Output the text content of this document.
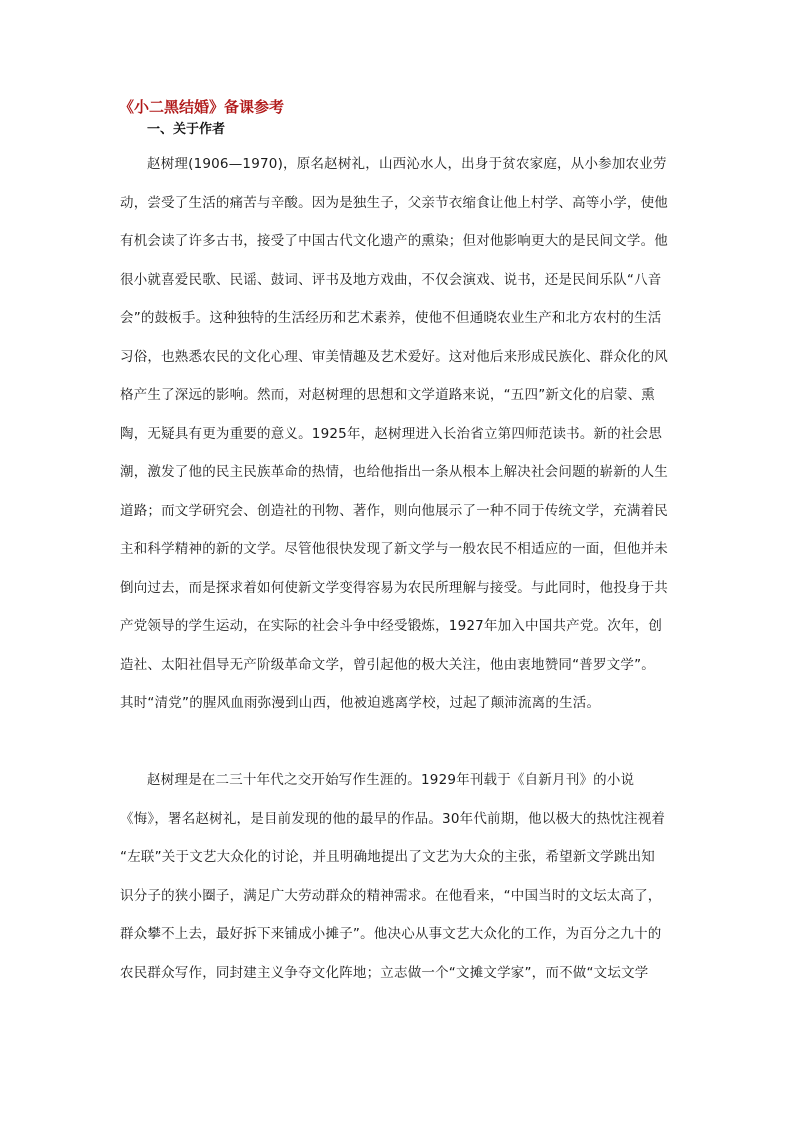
《小二黑结婚》备课参考
一、关于作者
赵树理(1906—1970)，原名赵树礼，山西沁水人，出身于贫农家庭，从小参加农业劳
动，尝受了生活的痛苦与辛酸。因为是独生子，父亲节衣缩食让他上村学、高等小学，使他
有机会读了许多古书，接受了中国古代文化遗产的熏染；但对他影响更大的是民间文学。他
很小就喜爱民歌、民谣、鼓词、评书及地方戏曲，不仅会演戏、说书，还是民间乐队“八音
会”的鼓板手。这种独特的生活经历和艺术素养，使他不但通晓农业生产和北方农村的生活
习俗，也熟悉农民的文化心理、审美情趣及艺术爱好。这对他后来形成民族化、群众化的风
格产生了深远的影响。然而，对赵树理的思想和文学道路来说，“五四”新文化的启蒙、熏
陶，无疑具有更为重要的意义。1925年，赵树理进入长治省立第四师范读书。新的社会思
潮，激发了他的民主民族革命的热情，也给他指出一条从根本上解决社会问题的崭新的人生
道路；而文学研究会、创造社的刊物、著作，则向他展示了一种不同于传统文学，充满着民
主和科学精神的新的文学。尽管他很快发现了新文学与一般农民不相适应的一面，但他并未
倒向过去，而是探求着如何使新文学变得容易为农民所理解与接受。与此同时，他投身于共
产党领导的学生运动，在实际的社会斗争中经受锻炼，1927年加入中国共产党。次年，创
造社、太阳社倡导无产阶级革命文学，曾引起他的极大关注，他由衷地赞同“普罗文学”。
其时“清党”的腥风血雨弥漫到山西，他被迫逃离学校，过起了颠沛流离的生活。
赵树理是在二三十年代之交开始写作生涯的。1929年刊载于《自新月刊》的小说
《悔》，署名赵树礼，是目前发现的他的最早的作品。30年代前期，他以极大的热忱注视着
“左联”关于文艺大众化的讨论，并且明确地提出了文艺为大众的主张，希望新文学跳出知
识分子的狭小圈子，满足广大劳动群众的精神需求。在他看来，“中国当时的文坛太高了，
群众攀不上去，最好拆下来铺成小摊子”。他决心从事文艺大众化的工作，为百分之九十的
农民群众写作，同封建主义争夺文化阵地；立志做一个“文摊文学家”，而不做“文坛文学
